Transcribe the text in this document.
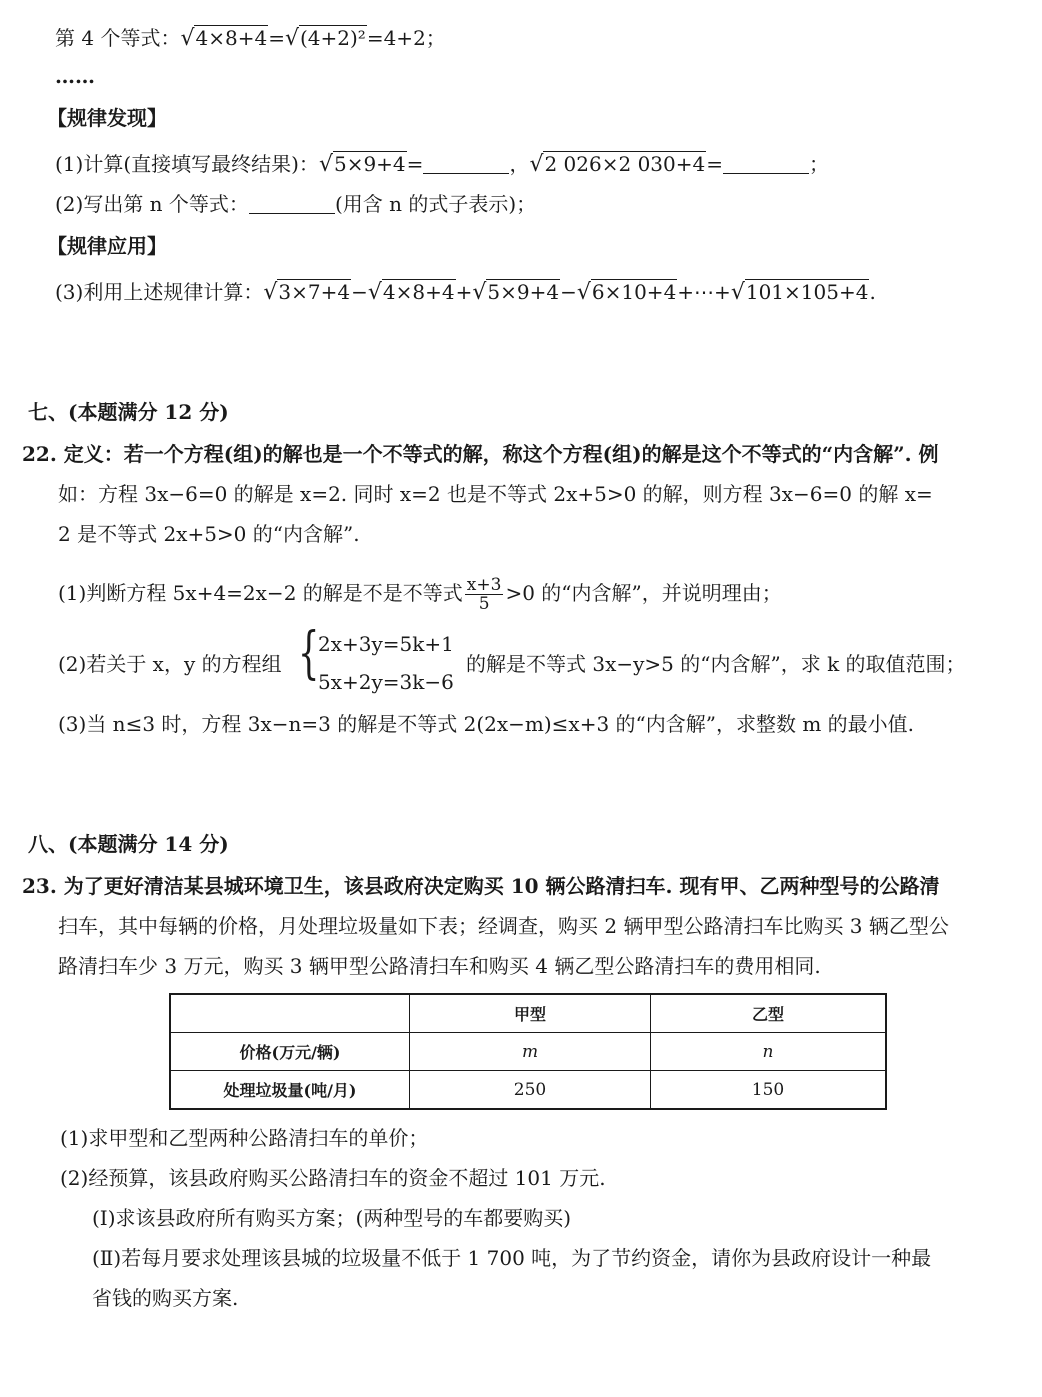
第 4 个等式：√4×8+4=√(4+2)²=4+2；
……
【规律发现】
(1)计算(直接填写最终结果)：√5×9+4=	，√2 026×2 030+4=	；
(2)写出第 n 个等式：	(用含 n 的式子表示)；
【规律应用】
(3)利用上述规律计算：√3×7+4−√4×8+4+√5×9+4−√6×10+4+⋯+√101×105+4.
七、(本题满分 12 分)
22. 定义：若一个方程(组)的解也是一个不等式的解，称这个方程(组)的解是这个不等式的“内含解”. 例
如：方程 3x−6=0 的解是 x=2. 同时 x=2 也是不等式 2x+5>0 的解，则方程 3x−6=0 的解 x=
2 是不等式 2x+5>0 的“内含解”.
(1)判断方程 5x+4=2x−2 的解是不是不等式 $\frac{x+3}{5} >0$ 的“内含解”，并说明理由；
(2)若关于 x，y 的方程组 {
2x+3y=5k+1
5x+2y=3k−6
的解是不等式 3x−y>5 的“内含解”，求 k 的取值范围；
(3)当 n≤3 时，方程 3x−n=3 的解是不等式 2(2x−m)≤x+3 的“内含解”，求整数 m 的最小值.
八、(本题满分 14 分)
23. 为了更好清洁某县城环境卫生，该县政府决定购买 10 辆公路清扫车. 现有甲、乙两种型号的公路清
扫车，其中每辆的价格，月处理垃圾量如下表；经调查，购买 2 辆甲型公路清扫车比购买 3 辆乙型公
路清扫车少 3 万元，购买 3 辆甲型公路清扫车和购买 4 辆乙型公路清扫车的费用相同.
	甲型	乙型
价格(万元/辆)	m	n
处理垃圾量(吨/月)	250	150
(1)求甲型和乙型两种公路清扫车的单价；
(2)经预算，该县政府购买公路清扫车的资金不超过 101 万元.
(Ⅰ)求该县政府所有购买方案；(两种型号的车都要购买)
(Ⅱ)若每月要求处理该县城的垃圾量不低于 1 700 吨，为了节约资金，请你为县政府设计一种最
省钱的购买方案.
